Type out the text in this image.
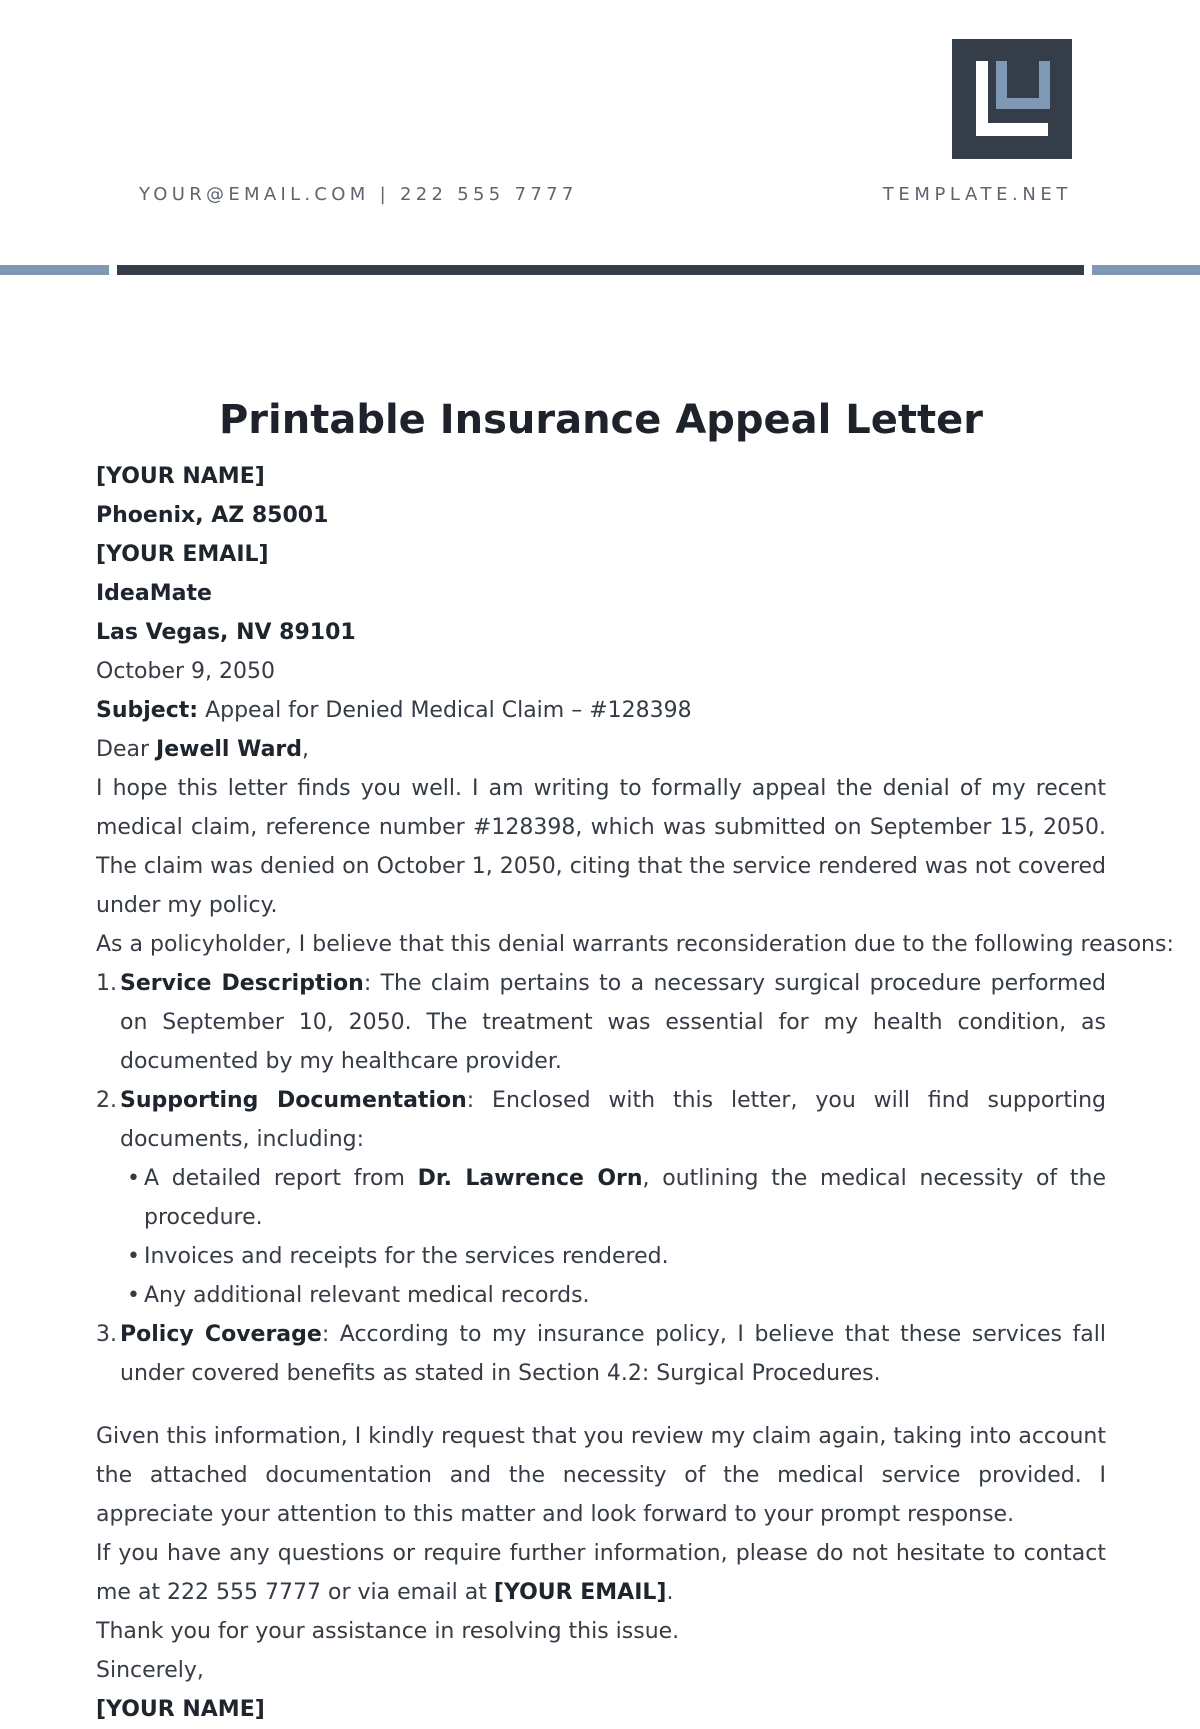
YOUR@EMAIL.COM | 222 555 7777	TEMPLATE.NET
Printable Insurance Appeal Letter

[YOUR NAME]

Phoenix, AZ 85001

[YOUR EMAIL]

IdeaMate

Las Vegas, NV 89101

October 9, 2050

Subject: Appeal for Denied Medical Claim – #128398

Dear Jewell Ward,

I hope this letter finds you well. I am writing to formally appeal the denial of my recent medical claim, reference number #128398, which was submitted on September 15, 2050. The claim was denied on October 1, 2050, citing that the service rendered was not covered under my policy.

As a policyholder, I believe that this denial warrants reconsideration due to the following reasons:

1. Service Description: The claim pertains to a necessary surgical procedure performed on September 10, 2050. The treatment was essential for my health condition, as documented by my healthcare provider.
2. Supporting Documentation: Enclosed with this letter, you will find supporting documents, including:
• A detailed report from Dr. Lawrence Orn, outlining the medical necessity of the procedure.
• Invoices and receipts for the services rendered.
• Any additional relevant medical records.
3. Policy Coverage: According to my insurance policy, I believe that these services fall under covered benefits as stated in Section 4.2: Surgical Procedures.

Given this information, I kindly request that you review my claim again, taking into account the attached documentation and the necessity of the medical service provided. I appreciate your attention to this matter and look forward to your prompt response.

If you have any questions or require further information, please do not hesitate to contact me at 222 555 7777 or via email at [YOUR EMAIL].

Thank you for your assistance in resolving this issue.

Sincerely,

[YOUR NAME]
